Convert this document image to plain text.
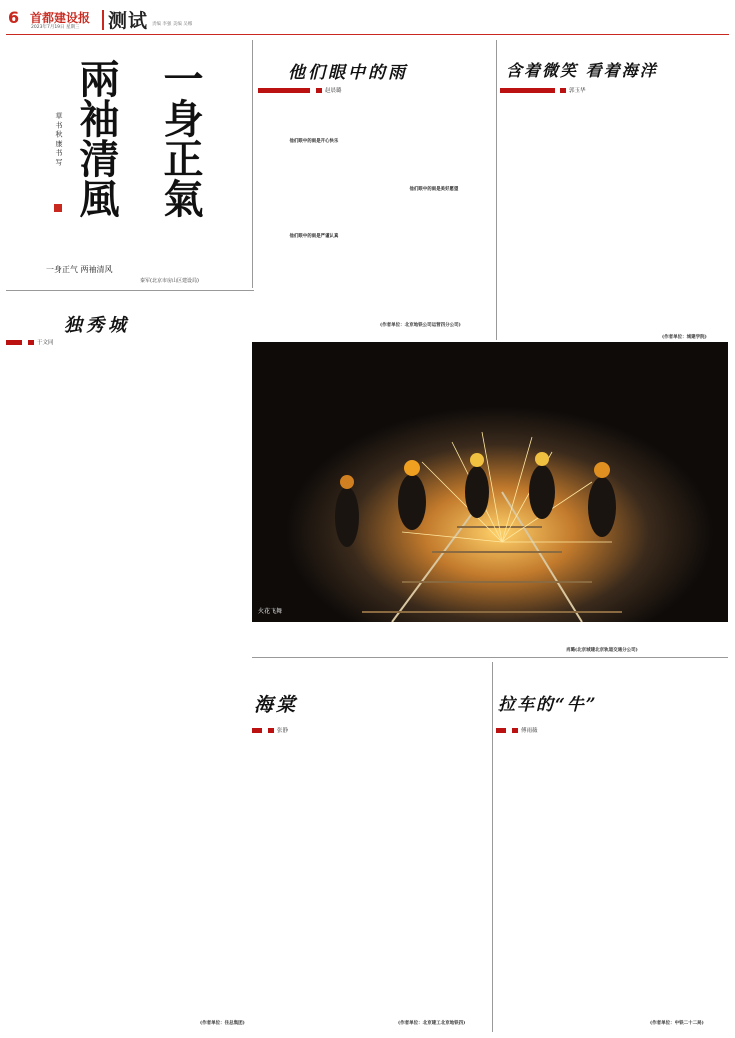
6 首都建设报
2023年7月19日 星期三 测试 责编 李强 美编 吴娜
一身正氣
兩袖清風
草 书 秋 康 书 写
一身正气 两袖清风
秦军(北京市房山区建设局)
他们眼中的雨
赵晨璐
他们眼中的雨是开心快乐
他们眼中的雨是严谨认真
他们眼中的雨是美好愿望
(作者单位：北京地铁公司运营四分公司)
含着微笑 看着海洋
郭玉华
(作者单位：城建学院)
独秀城
于文同
火花飞舞
肖璐(北京城建北京轨道交通分公司)
海棠
张静
拉车的“牛”
傅雨薇
(作者单位：住总集团)	(作者单位：北京建工北京地铁四)	(作者单位：中铁二十二局)
